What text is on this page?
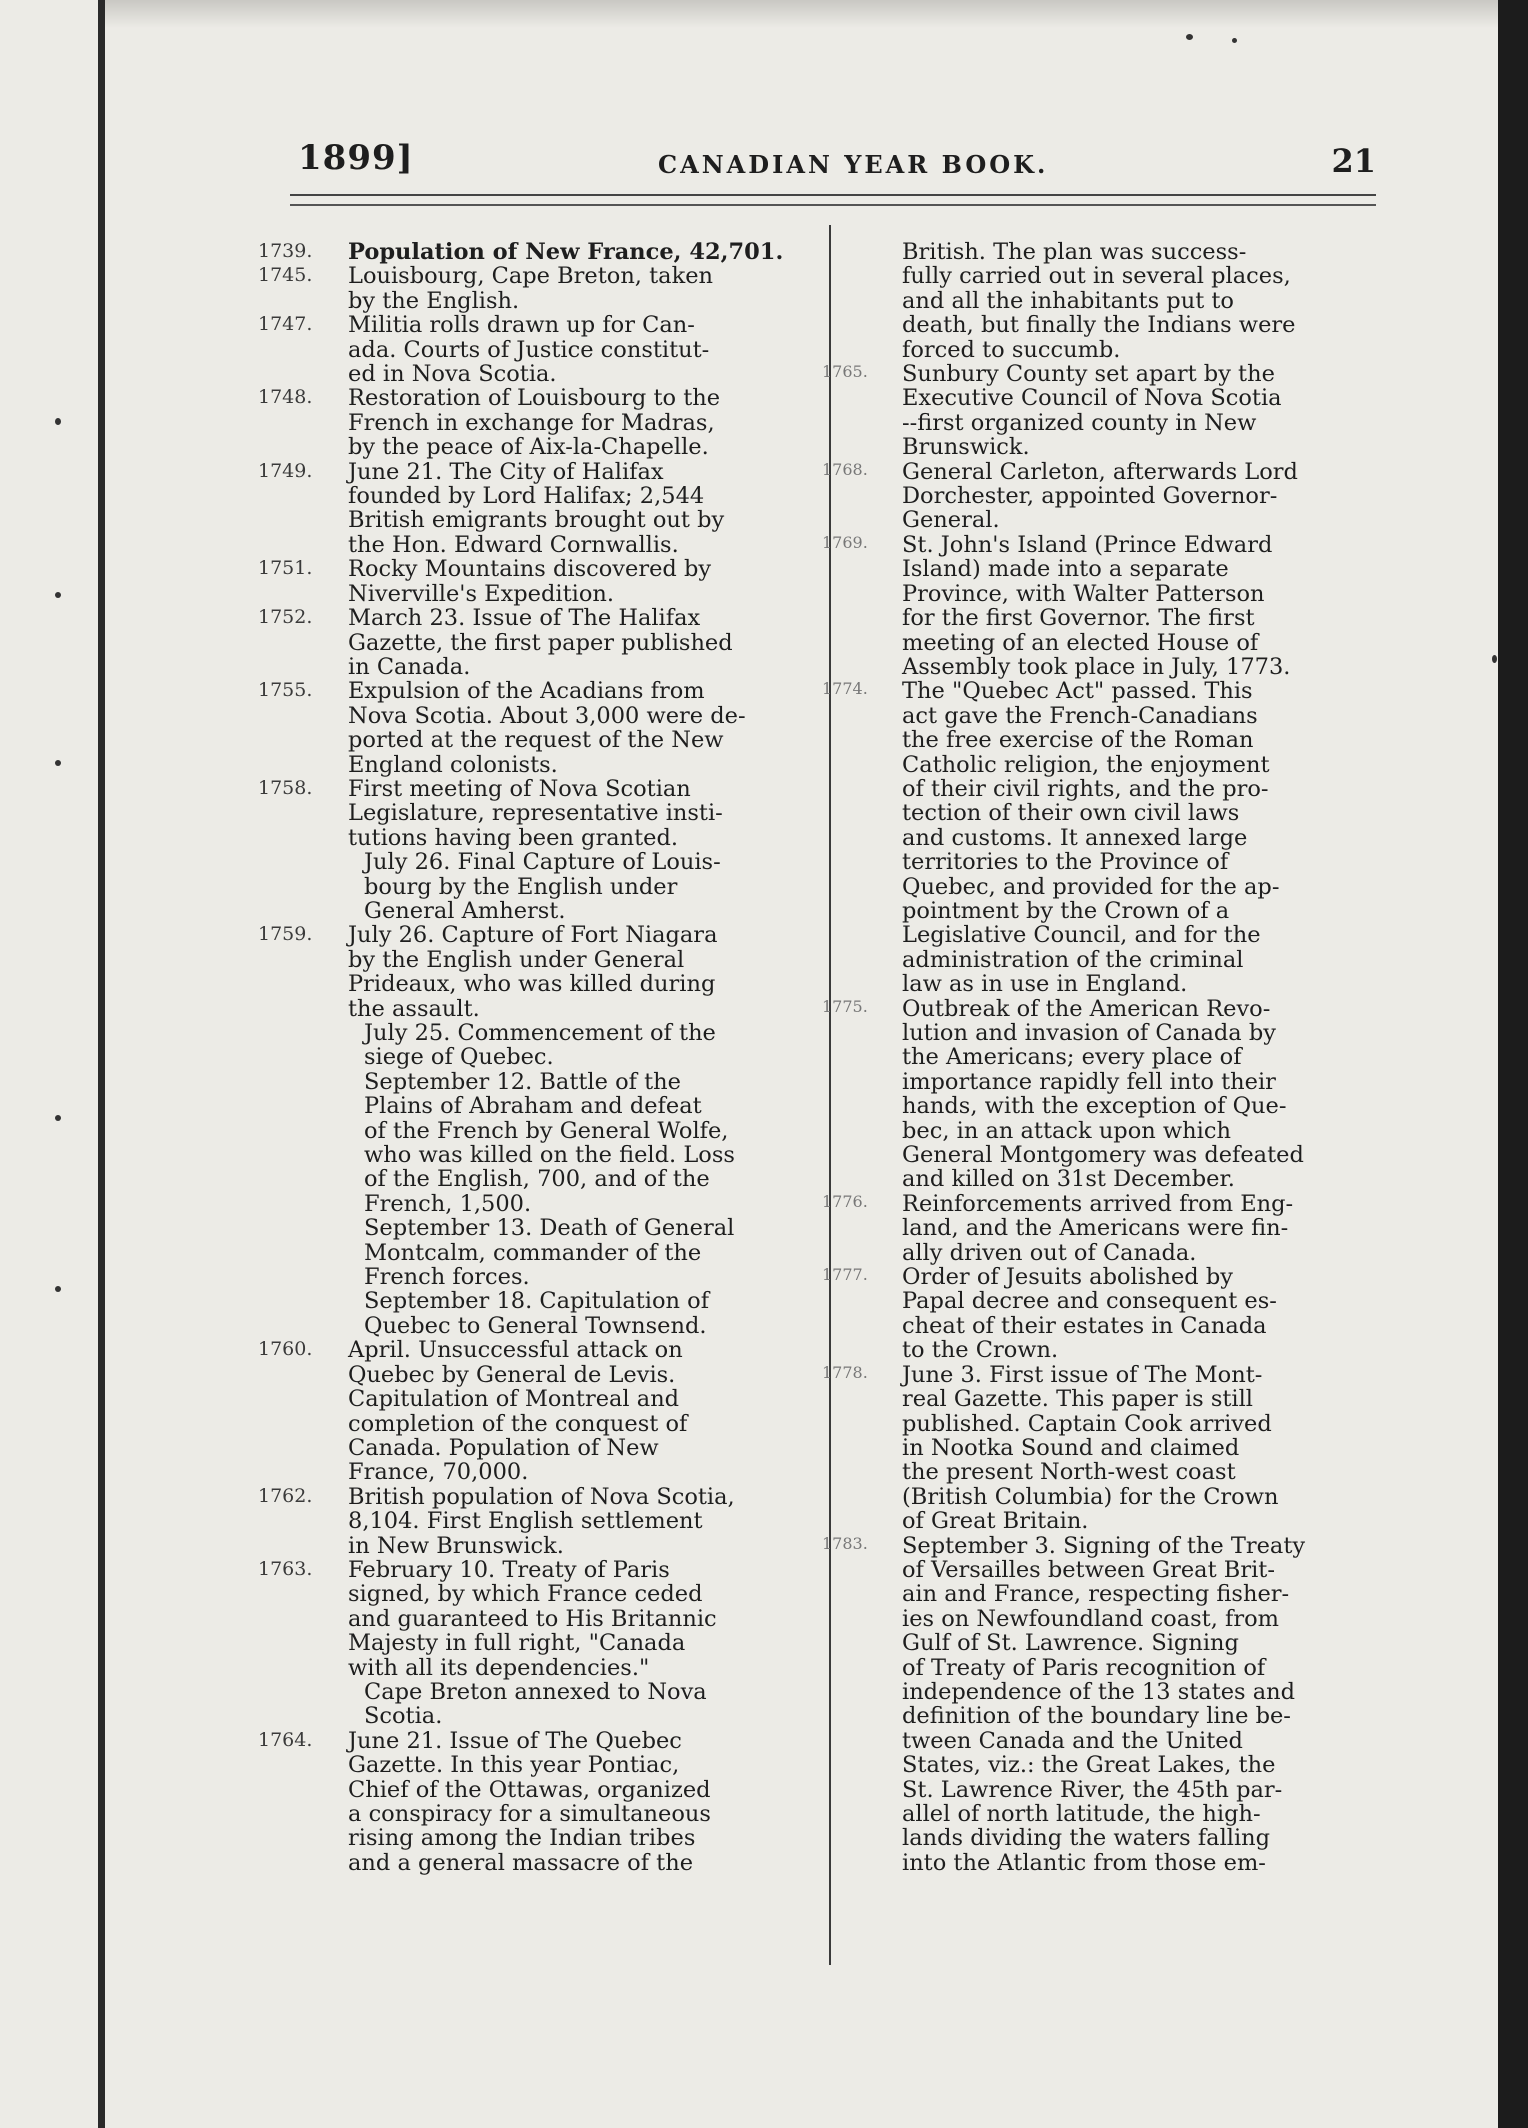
1899]	CANADIAN YEAR BOOK.	21
1739.	Population of New France, 42,701.
1745.	Louisbourg, Cape Breton, taken
by the English.
1747.	Militia rolls drawn up for Can-
ada. Courts of Justice constitut-
ed in Nova Scotia.
1748.	Restoration of Louisbourg to the
French in exchange for Madras,
by the peace of Aix-la-Chapelle.
1749.	June 21. The City of Halifax
founded by Lord Halifax; 2,544
British emigrants brought out by
the Hon. Edward Cornwallis.
1751.	Rocky Mountains discovered by
Niverville's Expedition.
1752.	March 23. Issue of The Halifax
Gazette, the first paper published
in Canada.
1755.	Expulsion of the Acadians from
Nova Scotia. About 3,000 were de-
ported at the request of the New
England colonists.
1758.	First meeting of Nova Scotian
Legislature, representative insti-
tutions having been granted.
July 26. Final Capture of Louis-
bourg by the English under
General Amherst.
1759.	July 26. Capture of Fort Niagara
by the English under General
Prideaux, who was killed during
the assault.
July 25. Commencement of the
siege of Quebec.
September 12. Battle of the
Plains of Abraham and defeat
of the French by General Wolfe,
who was killed on the field. Loss
of the English, 700, and of the
French, 1,500.
September 13. Death of General
Montcalm, commander of the
French forces.
September 18. Capitulation of
Quebec to General Townsend.
1760.	April. Unsuccessful attack on
Quebec by General de Levis.
Capitulation of Montreal and
completion of the conquest of
Canada. Population of New
France, 70,000.
1762.	British population of Nova Scotia,
8,104. First English settlement
in New Brunswick.
1763.	February 10. Treaty of Paris
signed, by which France ceded
and guaranteed to His Britannic
Majesty in full right, "Canada
with all its dependencies."
Cape Breton annexed to Nova
Scotia.
1764.	June 21. Issue of The Quebec
Gazette. In this year Pontiac,
Chief of the Ottawas, organized
a conspiracy for a simultaneous
rising among the Indian tribes
and a general massacre of the
British. The plan was success-
fully carried out in several places,
and all the inhabitants put to
death, but finally the Indians were
forced to succumb.
1765.	Sunbury County set apart by the
Executive Council of Nova Scotia
--first organized county in New
Brunswick.
1768.	General Carleton, afterwards Lord
Dorchester, appointed Governor-
General.
1769.	St. John's Island (Prince Edward
Island) made into a separate
Province, with Walter Patterson
for the first Governor. The first
meeting of an elected House of
Assembly took place in July, 1773.
1774.	The "Quebec Act" passed. This
act gave the French-Canadians
the free exercise of the Roman
Catholic religion, the enjoyment
of their civil rights, and the pro-
tection of their own civil laws
and customs. It annexed large
territories to the Province of
Quebec, and provided for the ap-
pointment by the Crown of a
Legislative Council, and for the
administration of the criminal
law as in use in England.
1775.	Outbreak of the American Revo-
lution and invasion of Canada by
the Americans; every place of
importance rapidly fell into their
hands, with the exception of Que-
bec, in an attack upon which
General Montgomery was defeated
and killed on 31st December.
1776.	Reinforcements arrived from Eng-
land, and the Americans were fin-
ally driven out of Canada.
1777.	Order of Jesuits abolished by
Papal decree and consequent es-
cheat of their estates in Canada
to the Crown.
1778.	June 3. First issue of The Mont-
real Gazette. This paper is still
published. Captain Cook arrived
in Nootka Sound and claimed
the present North-west coast
(British Columbia) for the Crown
of Great Britain.
1783.	September 3. Signing of the Treaty
of Versailles between Great Brit-
ain and France, respecting fisher-
ies on Newfoundland coast, from
Gulf of St. Lawrence. Signing
of Treaty of Paris recognition of
independence of the 13 states and
definition of the boundary line be-
tween Canada and the United
States, viz.: the Great Lakes, the
St. Lawrence River, the 45th par-
allel of north latitude, the high-
lands dividing the waters falling
into the Atlantic from those em-
